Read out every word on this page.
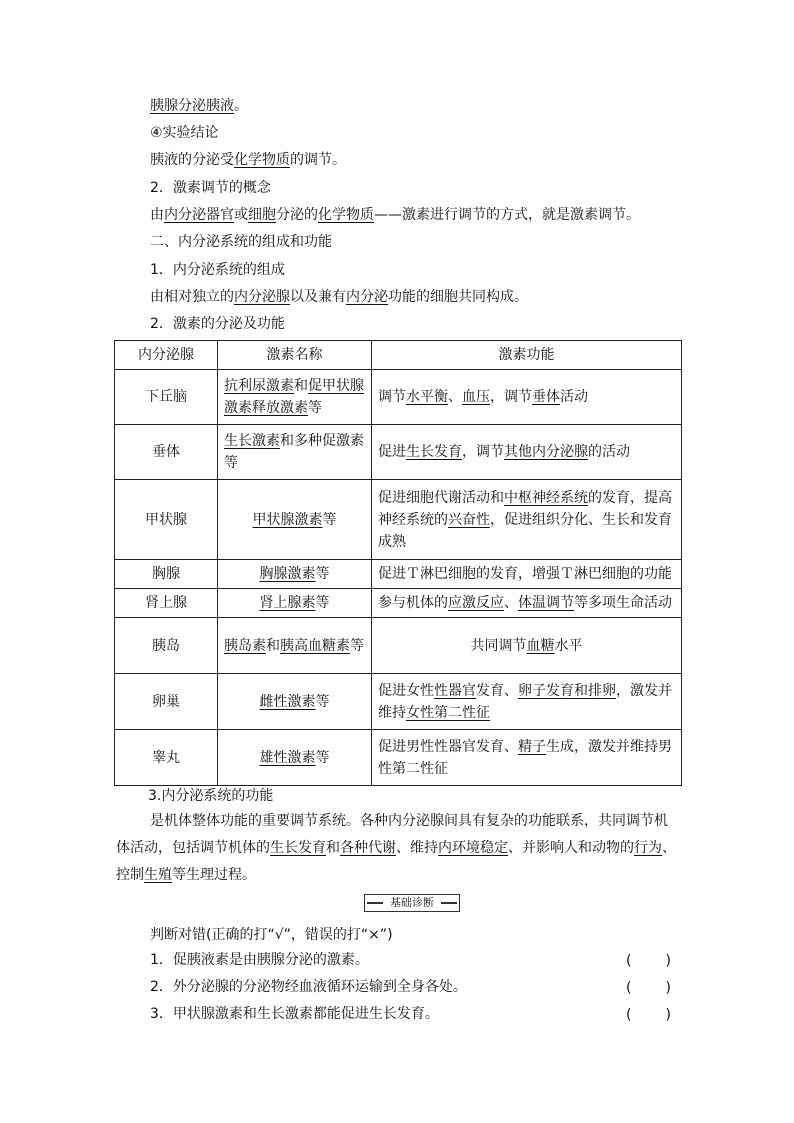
胰腺分泌胰液。
④实验结论
胰液的分泌受化学物质的调节。
2．激素调节的概念
由内分泌器官或细胞分泌的化学物质——激素进行调节的方式，就是激素调节。
二、内分泌系统的组成和功能
1．内分泌系统的组成
由相对独立的内分泌腺以及兼有内分泌功能的细胞共同构成。
2．激素的分泌及功能
内分泌腺	激素名称	激素功能
下丘脑	抗利尿激素和促甲状腺激素释放激素等	调节水平衡、血压，调节垂体活动
垂体	生长激素和多种促激素等	促进生长发育，调节其他内分泌腺的活动
甲状腺	甲状腺激素等	促进细胞代谢活动和中枢神经系统的发育，提高神经系统的兴奋性，促进组织分化、生长和发育成熟
胸腺	胸腺激素等	促进Ｔ淋巴细胞的发育，增强Ｔ淋巴细胞的功能
肾上腺	肾上腺素等	参与机体的应激反应、体温调节等多项生命活动
胰岛	胰岛素和胰高血糖素等	共同调节血糖水平
卵巢	雌性激素等	促进女性性器官发育、卵子发育和排卵，激发并维持女性第二性征
睾丸	雄性激素等	促进男性性器官发育、精子生成，激发并维持男性第二性征
3.内分泌系统的功能
是机体整体功能的重要调节系统。各种内分泌腺间具有复杂的功能联系，共同调节机
体活动，包括调节机体的生长发育和各种代谢、维持内环境稳定、并影响人和动物的行为、
控制生殖等生理过程。
基础诊断
判断对错(正确的打“√”，错误的打“×”)
1．促胰液素是由胰腺分泌的激素。	(　　)
2．外分泌腺的分泌物经血液循环运输到全身各处。	(　　)
3．甲状腺激素和生长激素都能促进生长发育。	(　　)
